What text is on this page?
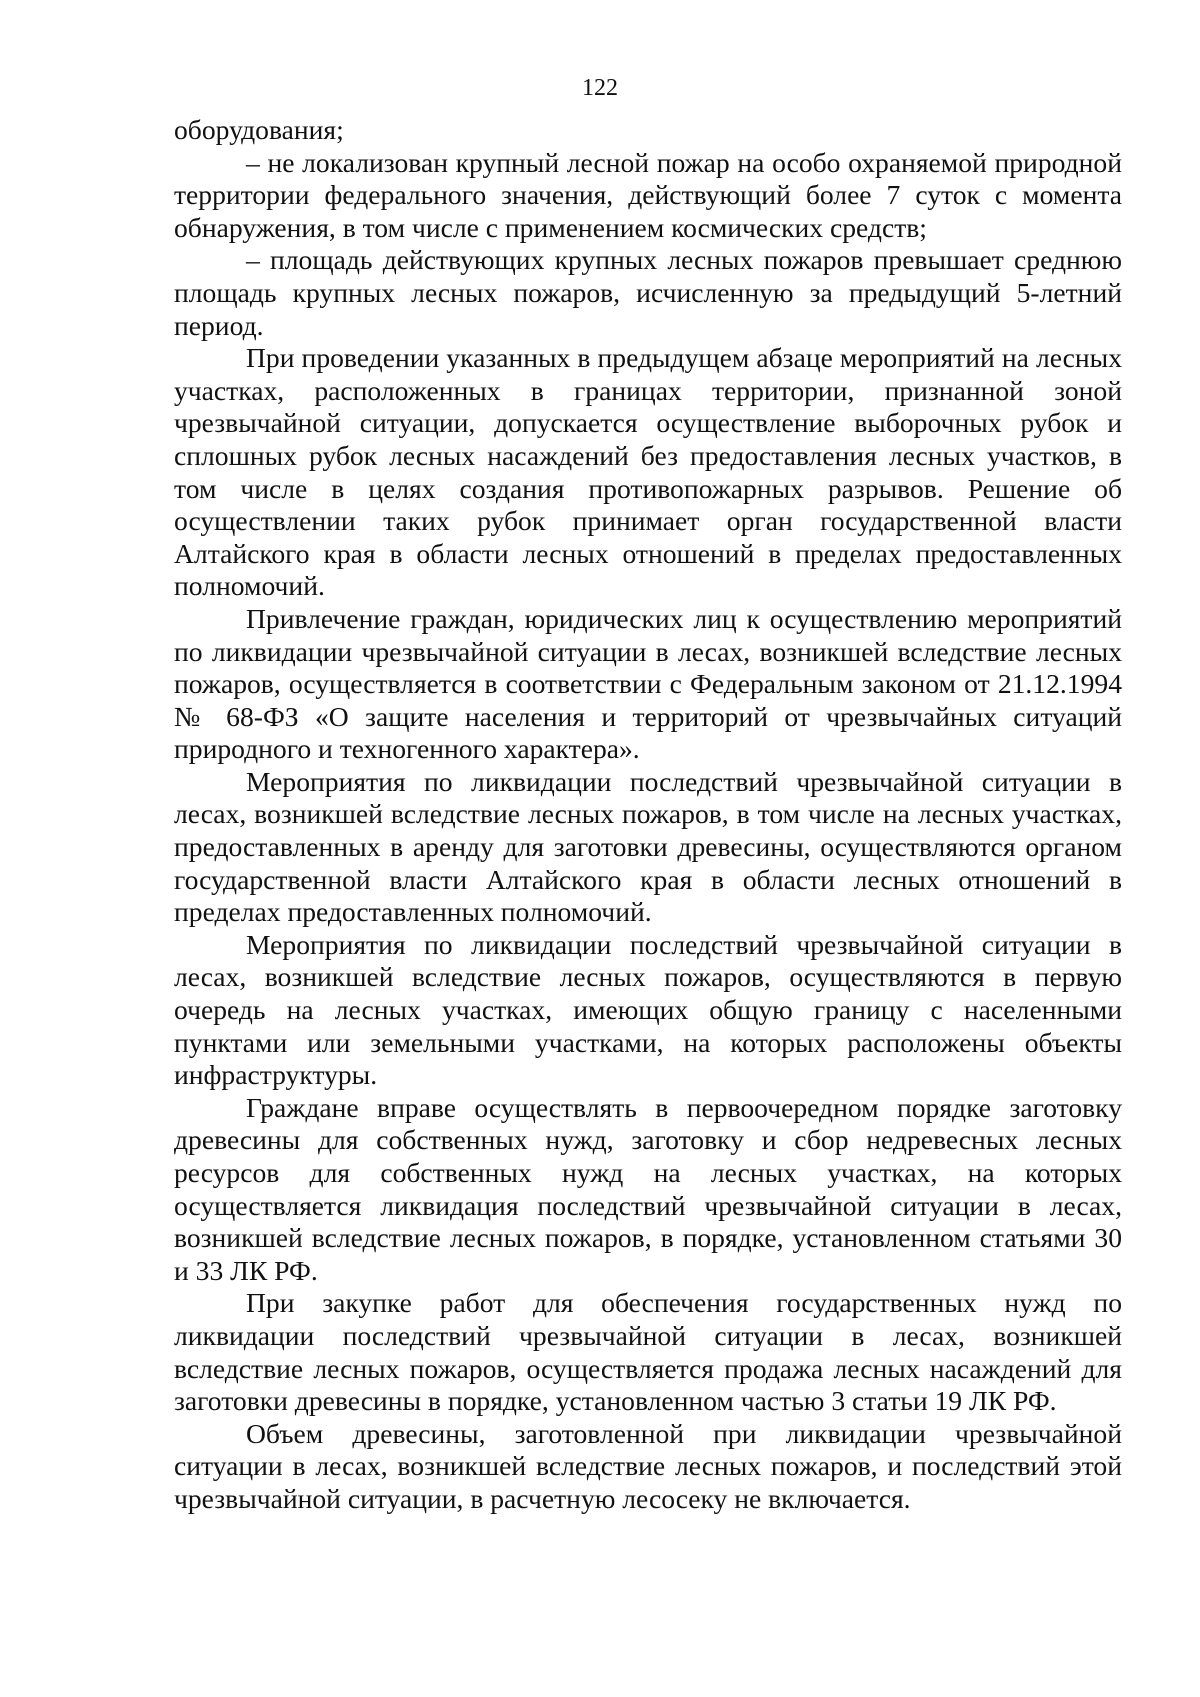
122

оборудования;

– не локализован крупный лесной пожар на особо охраняемой природной территории федерального значения, действующий более 7 суток с момента обнаружения, в том числе с применением космических средств;

– площадь действующих крупных лесных пожаров превышает среднюю площадь крупных лесных пожаров, исчисленную за предыдущий 5-летний период.

При проведении указанных в предыдущем абзаце мероприятий на лесных участках, расположенных в границах территории, признанной зоной чрезвычайной ситуации, допускается осуществление выборочных рубок и сплошных рубок лесных насаждений без предоставления лесных участков, в том числе в целях создания противопожарных разрывов. Решение об осуществлении таких рубок принимает орган государственной власти Алтайского края в области лесных отношений в пределах предоставленных полномочий.

Привлечение граждан, юридических лиц к осуществлению мероприятий по ликвидации чрезвычайной ситуации в лесах, возникшей вследствие лесных пожаров, осуществляется в соответствии с Федеральным законом от 21.12.1994 № 68-ФЗ «О защите населения и территорий от чрезвычайных ситуаций природного и техногенного характера».

Мероприятия по ликвидации последствий чрезвычайной ситуации в лесах, возникшей вследствие лесных пожаров, в том числе на лесных участках, предоставленных в аренду для заготовки древесины, осуществляются органом государственной власти Алтайского края в области лесных отношений в пределах предоставленных полномочий.

Мероприятия по ликвидации последствий чрезвычайной ситуации в лесах, возникшей вследствие лесных пожаров, осуществляются в первую очередь на лесных участках, имеющих общую границу с населенными пунктами или земельными участками, на которых расположены объекты инфраструктуры.

Граждане вправе осуществлять в первоочередном порядке заготовку древесины для собственных нужд, заготовку и сбор недревесных лесных ресурсов для собственных нужд на лесных участках, на которых осуществляется ликвидация последствий чрезвычайной ситуации в лесах, возникшей вследствие лесных пожаров, в порядке, установленном статьями 30 и 33 ЛК РФ.

При закупке работ для обеспечения государственных нужд по ликвидации последствий чрезвычайной ситуации в лесах, возникшей вследствие лесных пожаров, осуществляется продажа лесных насаждений для заготовки древесины в порядке, установленном частью 3 статьи 19 ЛК РФ.

Объем древесины, заготовленной при ликвидации чрезвычайной ситуации в лесах, возникшей вследствие лесных пожаров, и последствий этой чрезвычайной ситуации, в расчетную лесосеку не включается.
